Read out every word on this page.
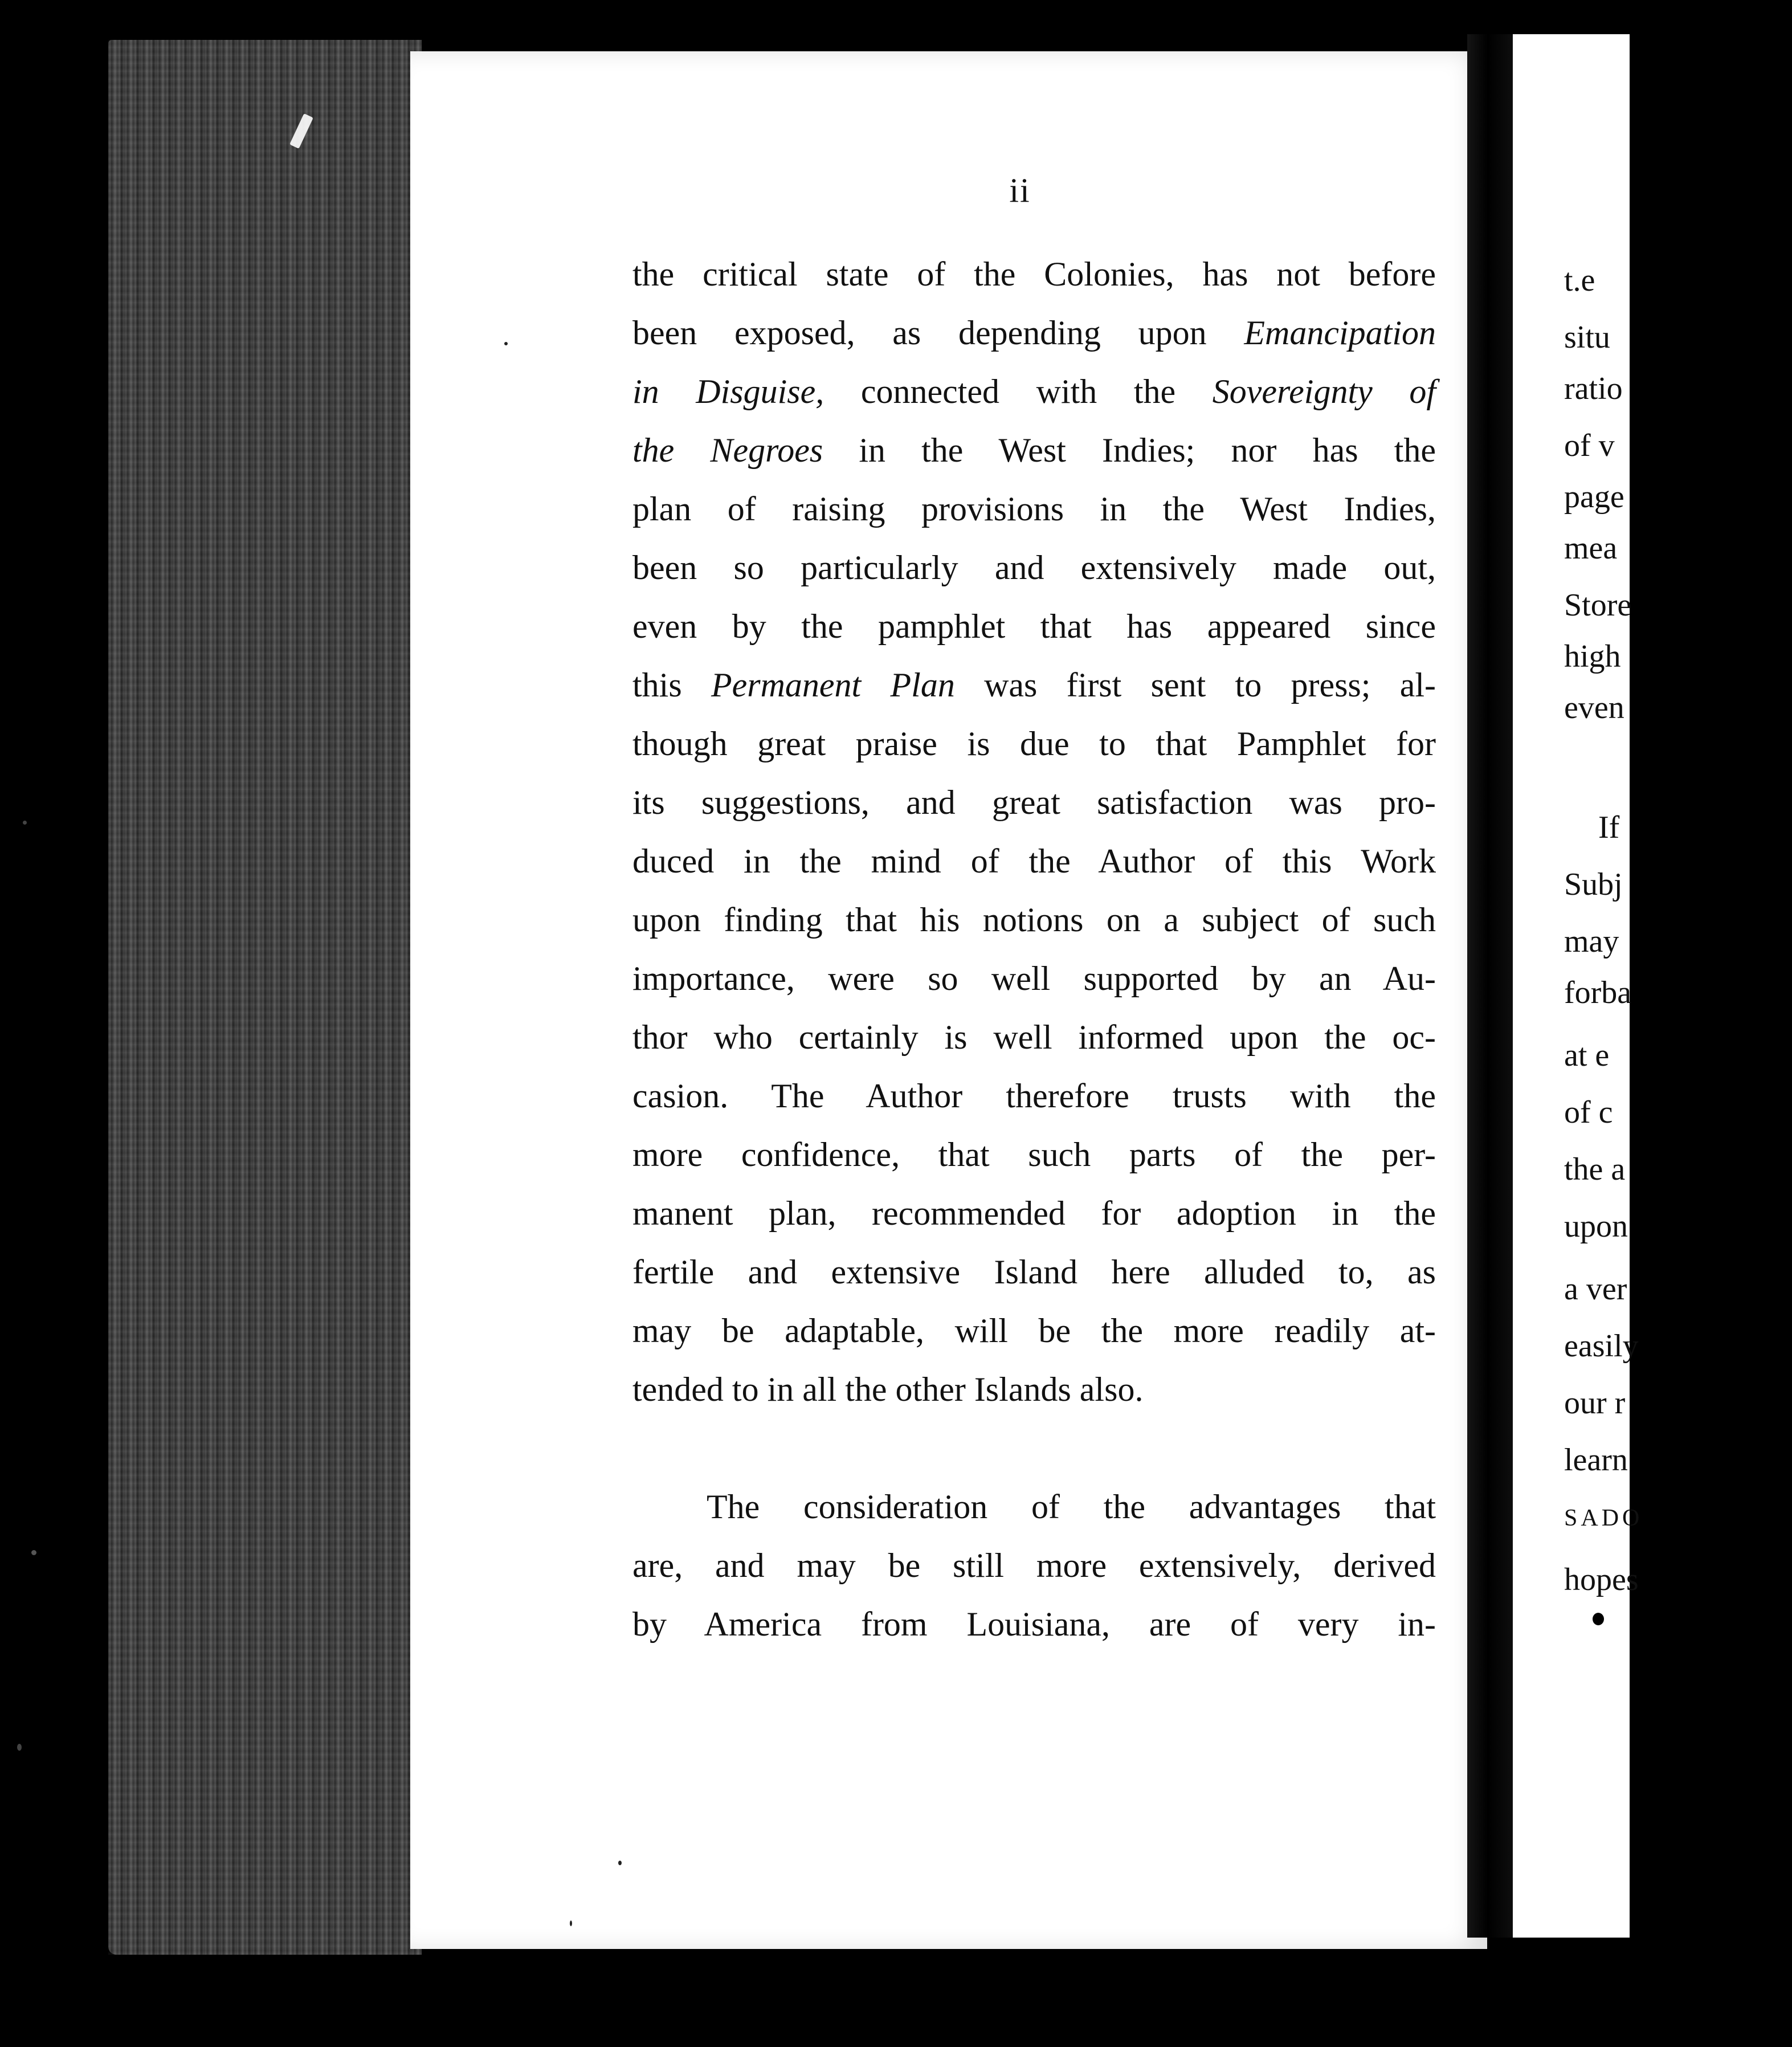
ii
the critical state of the Colonies, has not before
been exposed, as depending upon Emancipation
in Disguise, connected with the Sovereignty of
the Negroes in the West Indies; nor has the
plan of raising provisions in the West Indies,
been so particularly and extensively made out,
even by the pamphlet that has appeared since
this Permanent Plan was first sent to press; al-
though great praise is due to that Pamphlet for
its suggestions, and great satisfaction was pro-
duced in the mind of the Author of this Work
upon finding that his notions on a subject of such
importance, were so well supported by an Au-
thor who certainly is well informed upon the oc-
casion. The Author therefore trusts with the
more confidence, that such parts of the per-
manent plan, recommended for adoption in the
fertile and extensive Island here alluded to, as
may be adaptable, will be the more readily at-
tended to in all the other Islands also.
The consideration of the advantages that
are, and may be still more extensively, derived
by America from Louisiana, are of very in-
t.e
situ
ratio
of v
page
mea
Store
high
even
If
Subj
may
forba
at e
of c
the a
upon
a ver
easily
our r
learn
SADO
hopes
